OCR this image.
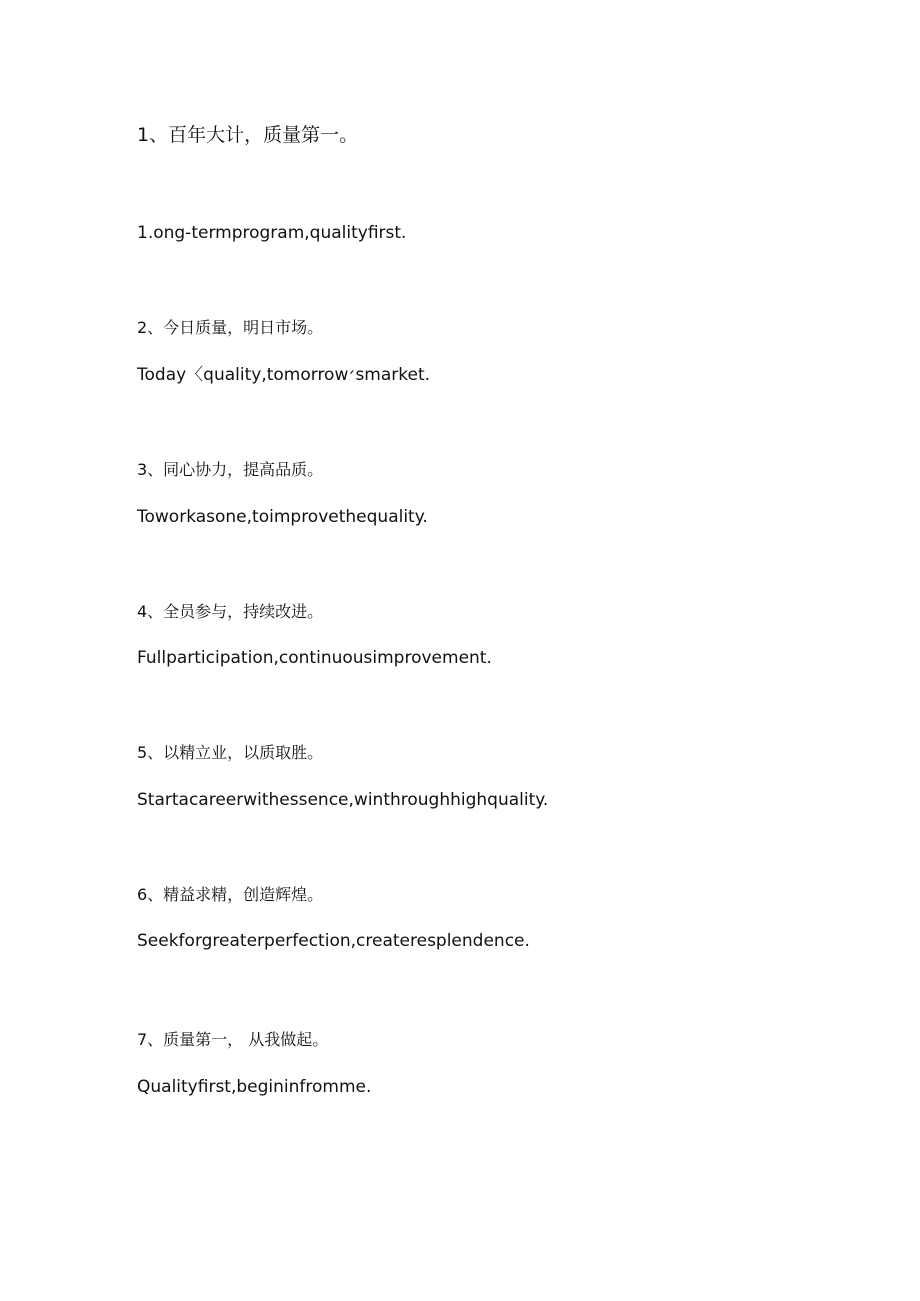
1、百年大计，质量第一。
1.ong-termprogram,qualityfirst.
2、今日质量，明日市场。
Today〈quality,tomorrow׳smarket.
3、同心协力，提高品质。
Toworkasone,toimprovethequality.
4、全员参与，持续改进。
Fullparticipation,continuousimprovement.
5、以精立业，以质取胜。
Startacareerwithessence,winthroughhighquality.
6、精益求精，创造辉煌。
Seekforgreaterperfection,createresplendence.
7、质量第一， 从我做起。
Qualityfirst,begininfromme.
